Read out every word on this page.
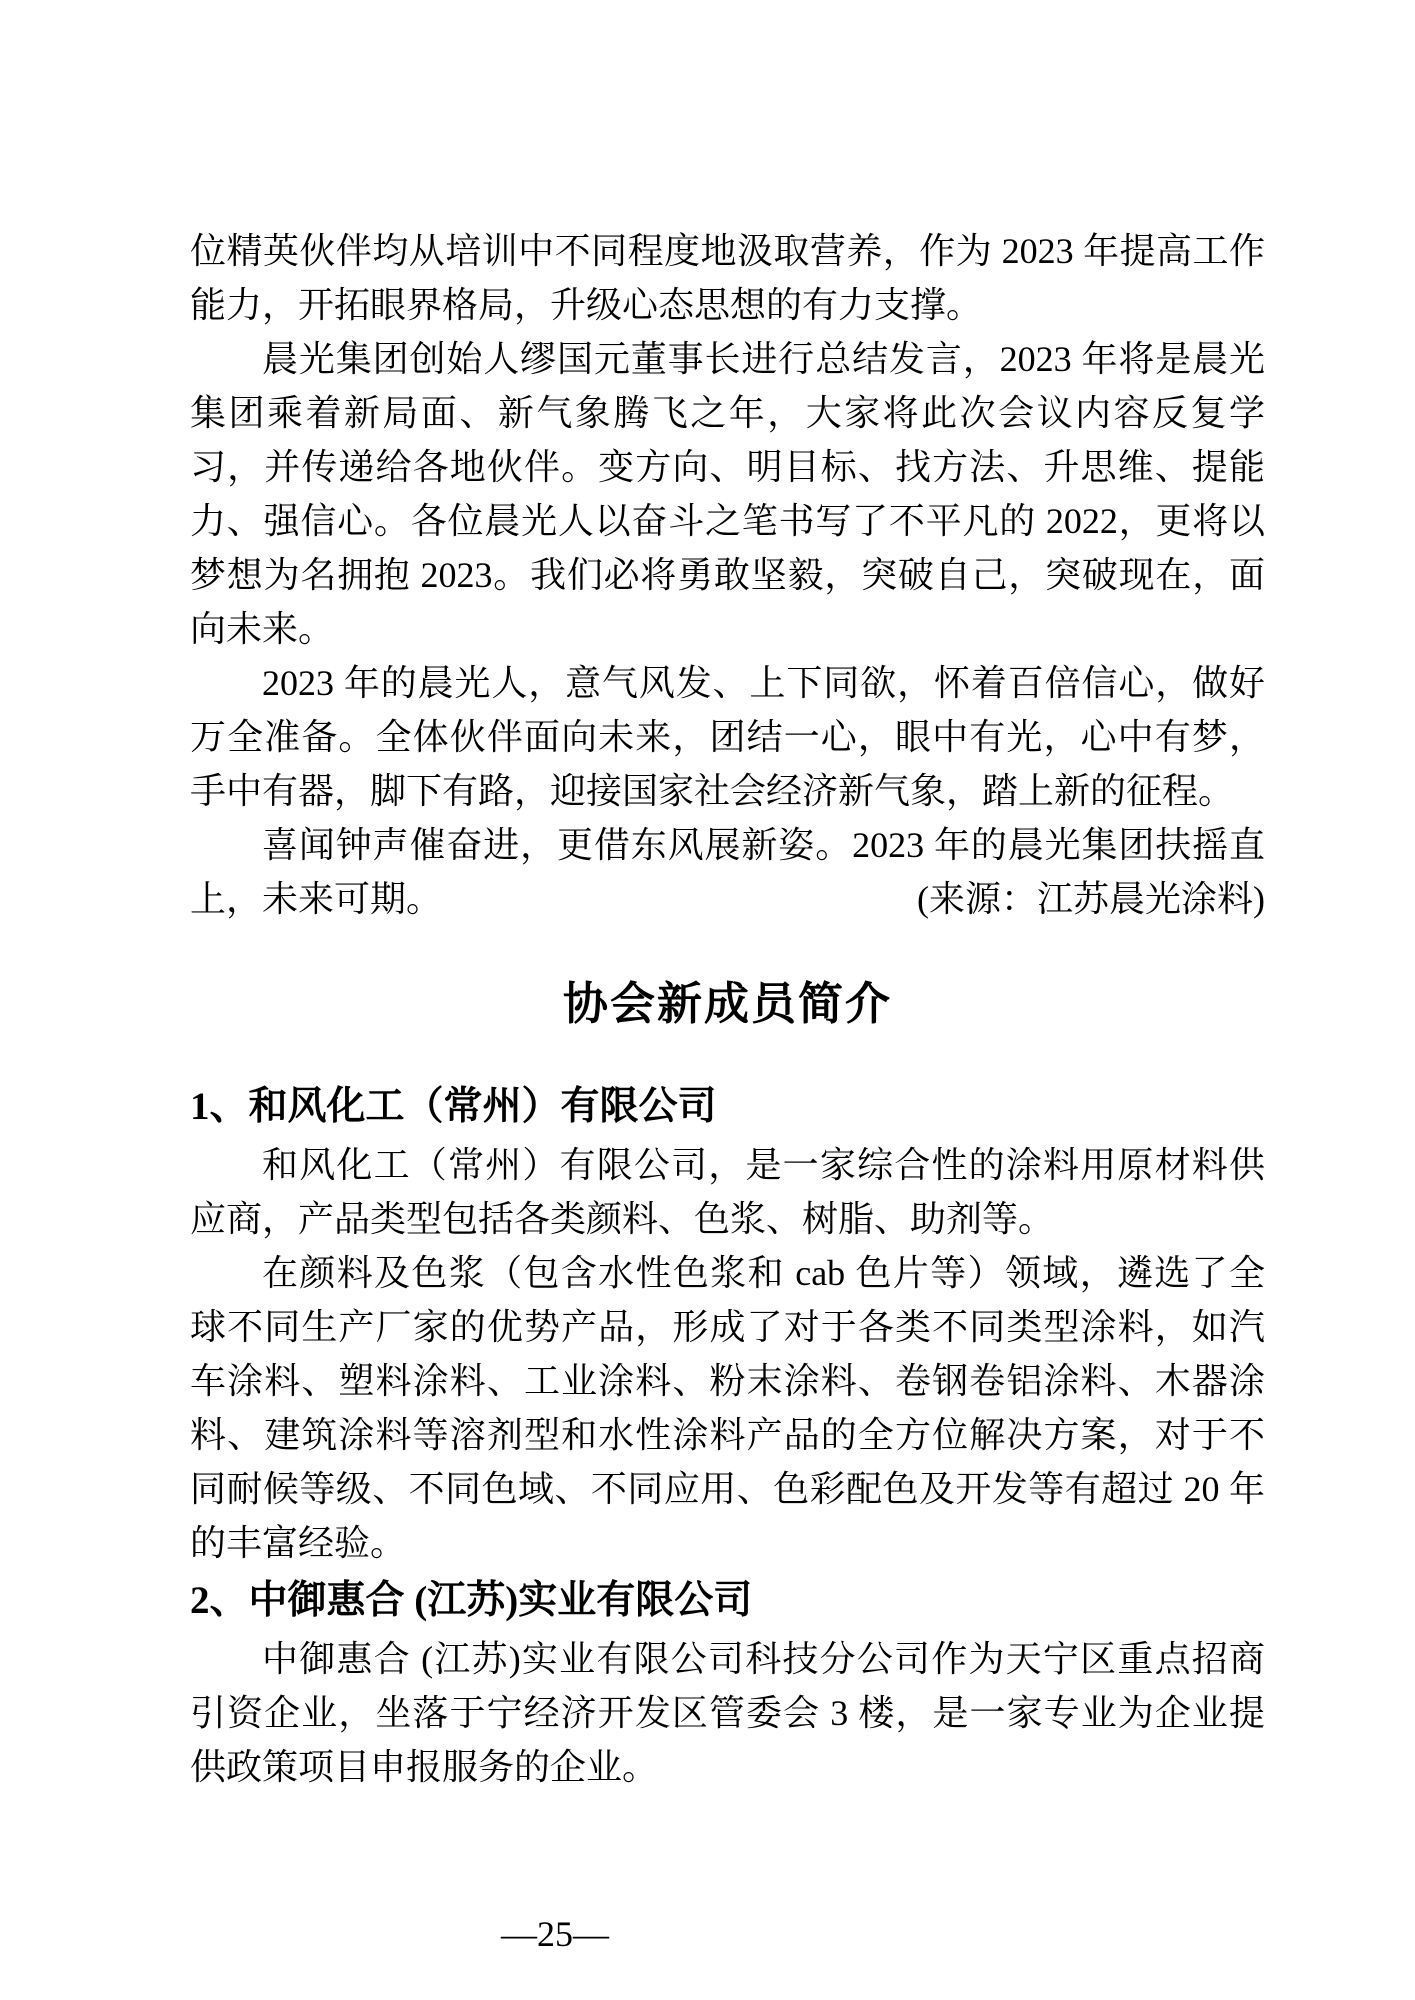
位精英伙伴均从培训中不同程度地汲取营养，作为 2023 年提高工作能力，开拓眼界格局，升级心态思想的有力支撑。

晨光集团创始人缪国元董事长进行总结发言，2023 年将是晨光集团乘着新局面、新气象腾飞之年，大家将此次会议内容反复学习，并传递给各地伙伴。变方向、明目标、找方法、升思维、提能力、强信心。各位晨光人以奋斗之笔书写了不平凡的 2022，更将以梦想为名拥抱 2023。我们必将勇敢坚毅，突破自己，突破现在，面向未来。

2023 年的晨光人，意气风发、上下同欲，怀着百倍信心，做好万全准备。全体伙伴面向未来，团结一心，眼中有光，心中有梦，手中有器，脚下有路，迎接国家社会经济新气象，踏上新的征程。

喜闻钟声催奋进，更借东风展新姿。2023 年的晨光集团扶摇直上，未来可期。	(来源：江苏晨光涂料)

协会新成员简介
1、和风化工（常州）有限公司

和风化工（常州）有限公司，是一家综合性的涂料用原材料供应商，产品类型包括各类颜料、色浆、树脂、助剂等。

在颜料及色浆（包含水性色浆和 cab 色片等）领域，遴选了全球不同生产厂家的优势产品，形成了对于各类不同类型涂料，如汽车涂料、塑料涂料、工业涂料、粉末涂料、卷钢卷铝涂料、木器涂料、建筑涂料等溶剂型和水性涂料产品的全方位解决方案，对于不同耐候等级、不同色域、不同应用、色彩配色及开发等有超过 20 年的丰富经验。

2、中御惠合 (江苏)实业有限公司

中御惠合 (江苏)实业有限公司科技分公司作为天宁区重点招商引资企业，坐落于宁经济开发区管委会 3 楼，是一家专业为企业提供政策项目申报服务的企业。

—25—
